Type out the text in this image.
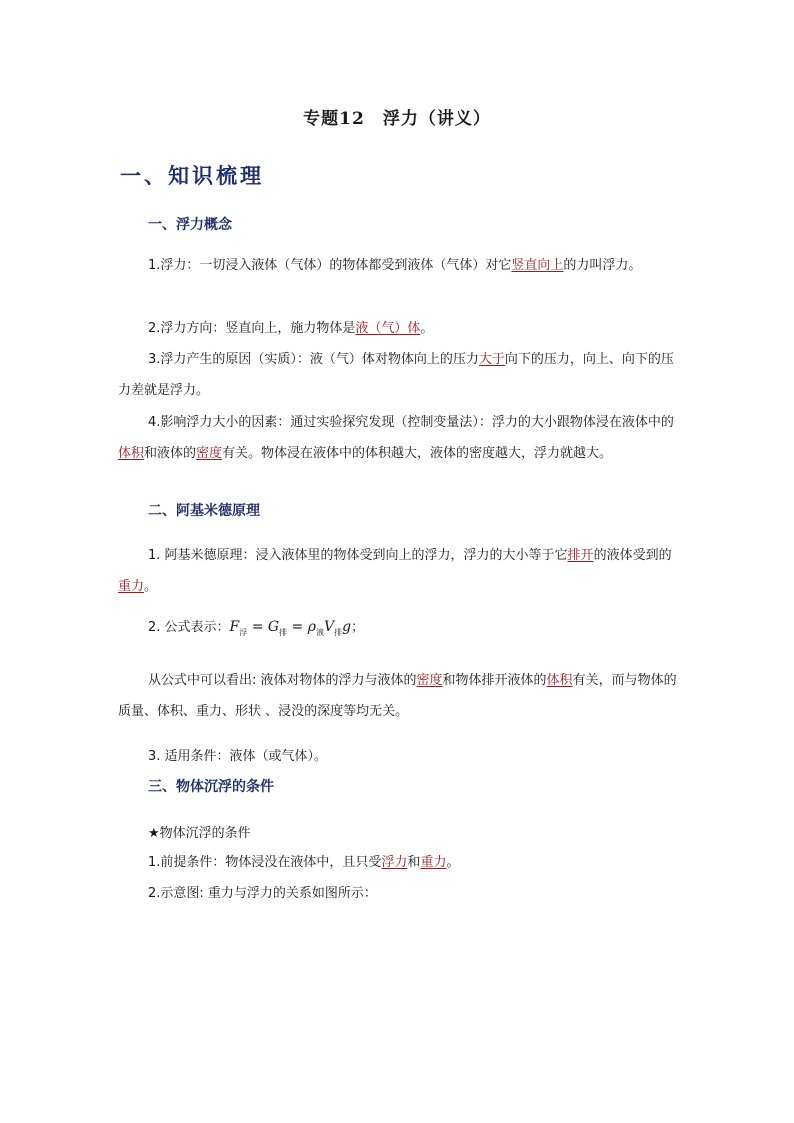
专题12　浮力（讲义）
一、知识梳理
一、浮力概念
1.浮力：一切浸入液体（气体）的物体都受到液体（气体）对它竖直向上的力叫浮力。
2.浮力方向：竖直向上，施力物体是液（气）体。
3.浮力产生的原因（实质）：液（气）体对物体向上的压力大于向下的压力，向上、向下的压力差就是浮力。
4.影响浮力大小的因素：通过实验探究发现（控制变量法）：浮力的大小跟物体浸在液体中的体积和液体的密度有关。物体浸在液体中的体积越大，液体的密度越大，浮力就越大。
二、阿基米德原理
1. 阿基米德原理：浸入液体里的物体受到向上的浮力，浮力的大小等于它排开的液体受到的重力。
2. 公式表示：$F_浮 = G_排 = \rho_液V_排g$；
从公式中可以看出: 液体对物体的浮力与液体的密度和物体排开液体的体积有关，而与物体的质量、体积、重力、形状 、浸没的深度等均无关。
3. 适用条件：液体（或气体）。
三、物体沉浮的条件
★物体沉浮的条件
1.前提条件：物体浸没在液体中，且只受浮力和重力。
2.示意图: 重力与浮力的关系如图所示：
